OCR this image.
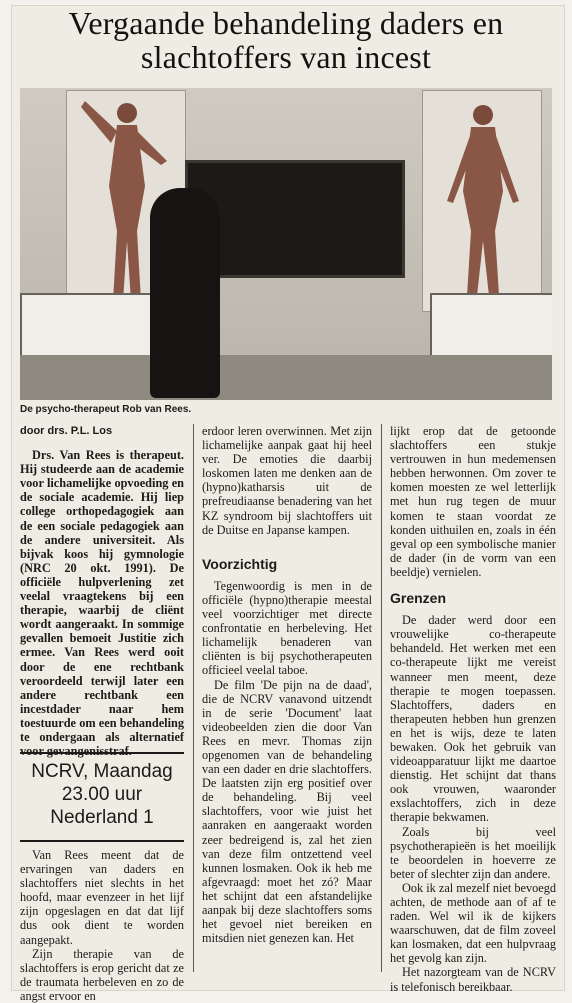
Vergaande behandeling daders en slachtoffers van incest
De psycho-therapeut Rob van Rees.
door drs. P.L. Los

Drs. Van Rees is therapeut. Hij studeerde aan de academie voor lichamelijke opvoeding en de sociale academie. Hij liep college orthopedagogiek aan de een sociale pedagogiek aan de andere universiteit. Als bijvak koos hij gymnologie (NRC 20 okt. 1991). De officiële hulpverlening zet veelal vraagtekens bij een therapie, waarbij de cliënt wordt aangeraakt. In sommige gevallen bemoeit Justitie zich ermee. Van Rees werd ooit door de ene rechtbank veroordeeld terwijl later een andere rechtbank een incestdader naar hem toestuurde om een behandeling te ondergaan als alternatief voor gevangenisstraf.

NCRV, Maandag
23.00 uur
Nederland 1

Van Rees meent dat de ervaringen van daders en slachtoffers niet slechts in het hoofd, maar evenzeer in het lijf zijn opgeslagen en dat dat lijf dus ook dient te worden aangepakt.

Zijn therapie van de slachtoffers is erop gericht dat ze de traumata herbeleven en zo de angst ervoor en

erdoor leren overwinnen. Met zijn lichamelijke aanpak gaat hij heel ver. De emoties die daarbij loskomen laten me denken aan de (hypno)katharsis uit de prefreudiaanse benadering van het KZ syndroom bij slachtoffers uit de Duitse en Japanse kampen.

Voorzichtig

Tegenwoordig is men in de officiële (hypno)therapie meestal veel voorzichtiger met directe confrontatie en herbeleving. Het lichamelijk benaderen van cliënten is bij psychotherapeuten officieel veelal taboe.

De film 'De pijn na de daad', die de NCRV vanavond uitzendt in de serie 'Document' laat videobeelden zien die door Van Rees en mevr. Thomas zijn opgenomen van de behandeling van een dader en drie slachtoffers. De laatsten zijn erg positief over de behandeling. Bij veel slachtoffers, voor wie juist het aanraken en aangeraakt worden zeer bedreigend is, zal het zien van deze film ontzettend veel kunnen losmaken. Ook ik heb me afgevraagd: moet het zó? Maar het schijnt dat een afstandelijke aanpak bij deze slachtoffers soms het gevoel niet bereiken en mitsdien niet genezen kan. Het

lijkt erop dat de getoonde slachtoffers een stukje vertrouwen in hun medemensen hebben herwonnen. Om zover te komen moesten ze wel letterlijk met hun rug tegen de muur komen te staan voordat ze konden uithuilen en, zoals in één geval op een symbolische manier de dader (in de vorm van een beeldje) vernielen.

Grenzen

De dader werd door een vrouwelijke co-therapeute behandeld. Het werken met een co-therapeute lijkt me vereist wanneer men meent, deze therapie te mogen toepassen. Slachtoffers, daders en therapeuten hebben hun grenzen en het is wijs, deze te laten bewaken. Ook het gebruik van videoapparatuur lijkt me daartoe dienstig. Het schijnt dat thans ook vrouwen, waaronder exslachtoffers, zich in deze therapie bekwamen.

Zoals bij veel psychotherapieën is het moeilijk te beoordelen in hoeverre ze beter of slechter zijn dan andere.

Ook ik zal mezelf niet bevoegd achten, de methode aan of af te raden. Wel wil ik de kijkers waarschuwen, dat de film zoveel kan losmaken, dat een hulpvraag het gevolg kan zijn.

Het nazorgteam van de NCRV is telefonisch bereikbaar.
